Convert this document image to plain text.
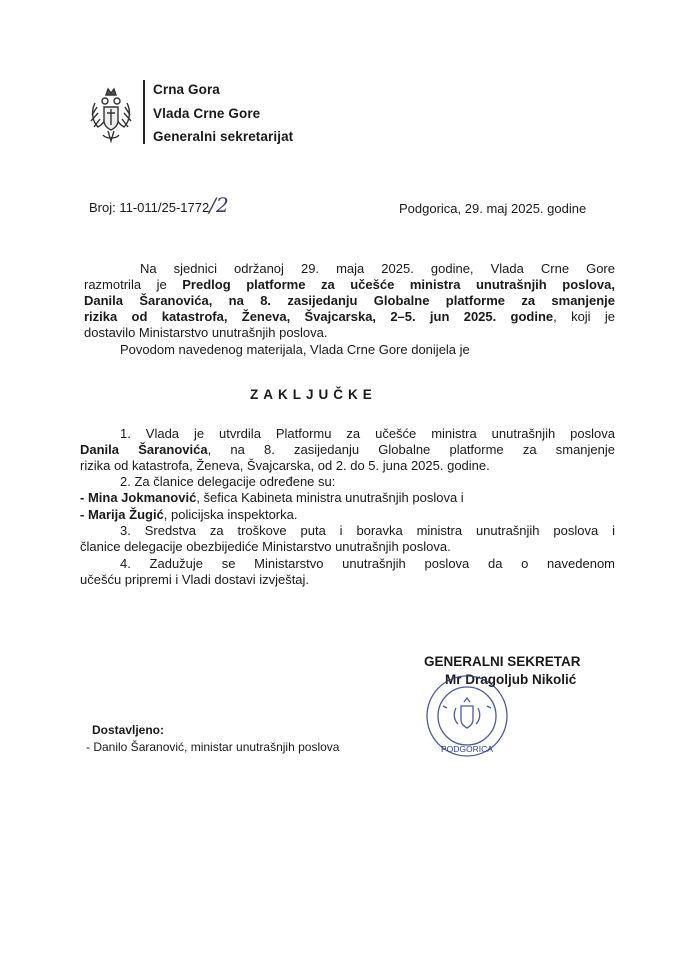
Crna Gora
Vlada Crne Gore
Generalni sekretarijat
Broj: 11-011/25-1772/2	Podgorica, 29. maj 2025. godine
Na sjednici održanoj 29. maja 2025. godine, Vlada Crne Gore
razmotrila je Predlog platforme za učešće ministra unutrašnjih poslova,
Danila Šaranovića, na 8. zasijedanju Globalne platforme za smanjenje
rizika od katastrofa, Ženeva, Švajcarska, 2–5. jun 2025. godine, koji je
dostavilo Ministarstvo unutrašnjih poslova.
Povodom navedenog materijala, Vlada Crne Gore donijela je
ZAKLJUČKE
1. Vlada je utvrdila Platformu za učešće ministra unutrašnjih poslova
Danila Šaranovića, na 8. zasijedanju Globalne platforme za smanjenje
rizika od katastrofa, Ženeva, Švajcarska, od 2. do 5. juna 2025. godine.
2. Za članice delegacije određene su:
- Mina Jokmanović, šefica Kabineta ministra unutrašnjih poslova i
- Marija Žugić, policijska inspektorka.
3. Sredstva za troškove puta i boravka ministra unutrašnjih poslova i
članice delegacije obezbijediće Ministarstvo unutrašnjih poslova.
4. Zadužuje se Ministarstvo unutrašnjih poslova da o navedenom
učešću pripremi i Vladi dostavi izvještaj.
GENERALNI SEKRETAR
Mr Dragoljub Nikolić
PODGORICA
Dostavljeno:
- Danilo Šaranović, ministar unutrašnjih poslova
